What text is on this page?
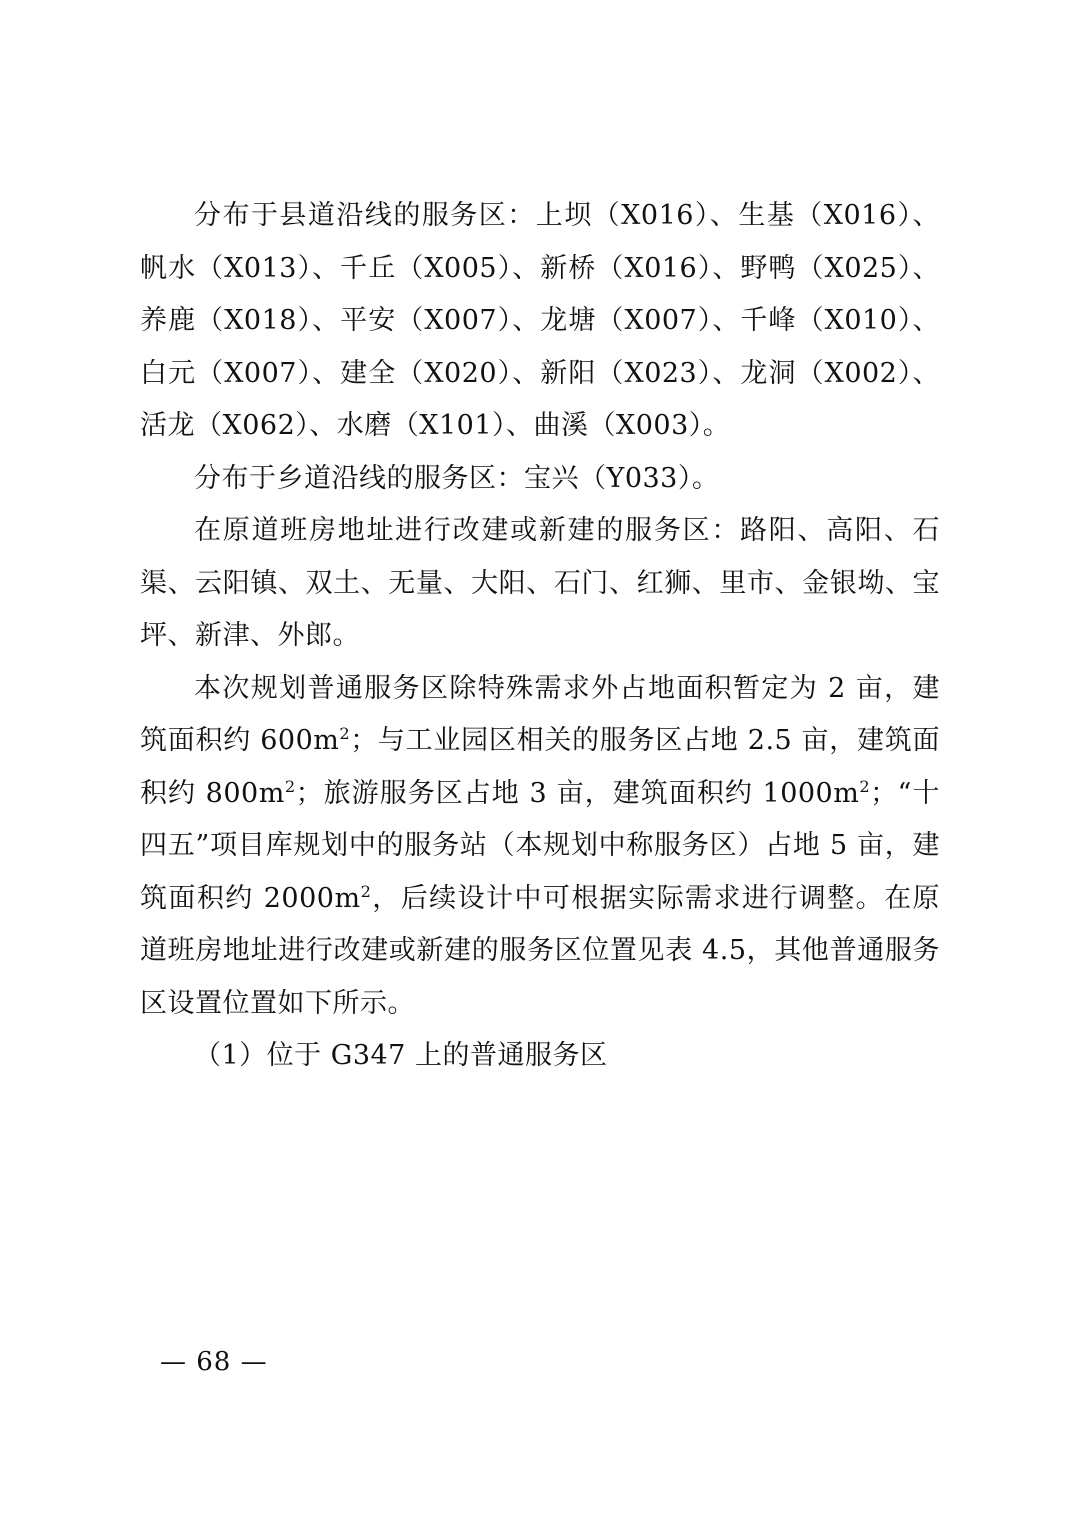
分布于县道沿线的服务区：上坝（X016）、生基（X016）、帆水（X013）、千丘（X005）、新桥（X016）、野鸭（X025）、养鹿（X018）、平安（X007）、龙塘（X007）、千峰（X010）、白元（X007）、建全（X020）、新阳（X023）、龙洞（X002）、活龙（X062）、水磨（X101）、曲溪（X003）。

分布于乡道沿线的服务区：宝兴（Y033）。

在原道班房地址进行改建或新建的服务区：路阳、高阳、石渠、云阳镇、双土、无量、大阳、石门、红狮、里市、金银坳、宝坪、新津、外郎。

本次规划普通服务区除特殊需求外占地面积暂定为 2 亩，建筑面积约 $600m^2$；与工业园区相关的服务区占地 2.5 亩，建筑面积约 $800m^2$；旅游服务区占地 3 亩，建筑面积约 $1000m^2$；“十四五”项目库规划中的服务站（本规划中称服务区）占地 5 亩，建筑面积约 $2000m^2$，后续设计中可根据实际需求进行调整。在原道班房地址进行改建或新建的服务区位置见表 4.5，其他普通服务区设置位置如下所示。

（1）位于 G347 上的普通服务区

— 68 —
